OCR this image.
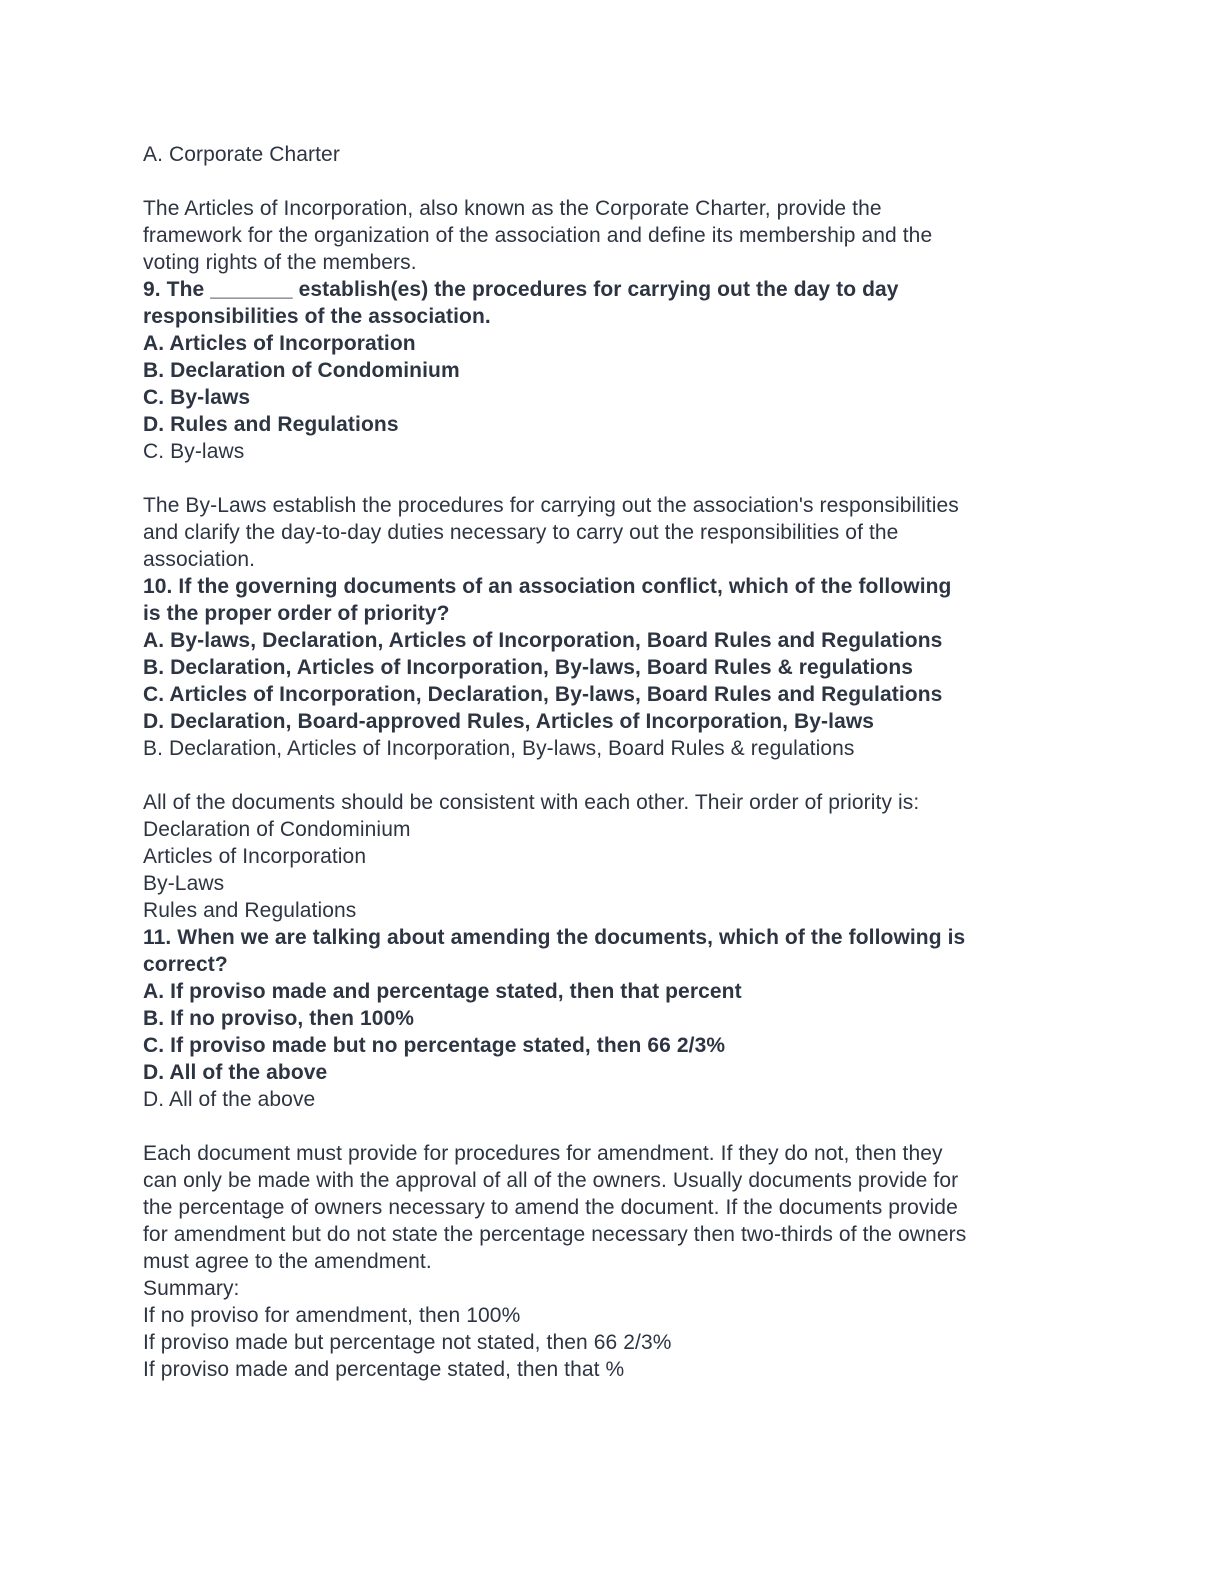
A. Corporate Charter

The Articles of Incorporation, also known as the Corporate Charter, provide the
framework for the organization of the association and define its membership and the
voting rights of the members.
9. The _______ establish(es) the procedures for carrying out the day to day
responsibilities of the association.
A. Articles of Incorporation
B. Declaration of Condominium
C. By-laws
D. Rules and Regulations
C. By-laws

The By-Laws establish the procedures for carrying out the association's responsibilities
and clarify the day-to-day duties necessary to carry out the responsibilities of the
association.
10. If the governing documents of an association conflict, which of the following
is the proper order of priority?
A. By-laws, Declaration, Articles of Incorporation, Board Rules and Regulations
B. Declaration, Articles of Incorporation, By-laws, Board Rules & regulations
C. Articles of Incorporation, Declaration, By-laws, Board Rules and Regulations
D. Declaration, Board-approved Rules, Articles of Incorporation, By-laws
B. Declaration, Articles of Incorporation, By-laws, Board Rules & regulations

All of the documents should be consistent with each other. Their order of priority is:
Declaration of Condominium
Articles of Incorporation
By-Laws
Rules and Regulations
11. When we are talking about amending the documents, which of the following is
correct?
A. If proviso made and percentage stated, then that percent
B. If no proviso, then 100%
C. If proviso made but no percentage stated, then 66 2/3%
D. All of the above
D. All of the above

Each document must provide for procedures for amendment. If they do not, then they
can only be made with the approval of all of the owners. Usually documents provide for
the percentage of owners necessary to amend the document. If the documents provide
for amendment but do not state the percentage necessary then two-thirds of the owners
must agree to the amendment.
Summary:
If no proviso for amendment, then 100%
If proviso made but percentage not stated, then 66 2/3%
If proviso made and percentage stated, then that %
